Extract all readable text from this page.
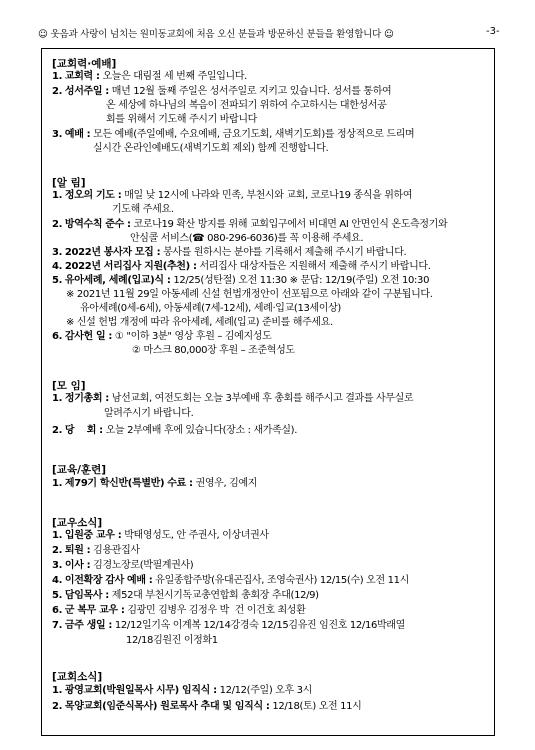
☺ 웃음과 사랑이 넘치는 원미동교회에 처음 오신 분들과 방문하신 분들을 환영합니다 ☺	-3-
[교회력·예배]
1. 교회력 : 오늘은 대림절 세 번째 주일입니다.
2. 성서주일 : 매년 12월 둘째 주일은 성서주일로 지키고 있습니다. 성서를 통하여
온 세상에 하나님의 복음이 전파되기 위하여 수고하시는 대한성서공
회를 위해서 기도해 주시기 바랍니다
3. 예배 : 모든 예배(주일예배, 수요예배, 금요기도회, 새벽기도회)를 정상적으로 드리며
실시간 온라인예배도(새벽기도회 제외) 함께 진행합니다.
[알 림]
1. 정오의 기도 : 매일 낮 12시에 나라와 민족, 부천시와 교회, 코로나19 종식을 위하여
기도해 주세요.
2. 방역수칙 준수 : 코로나19 확산 방지를 위해 교회입구에서 비대면 AI 안면인식 온도측정기와
안심콜 서비스(☎ 080-296-6036)를 꼭 이용해 주세요.
3. 2022년 봉사자 모집 : 봉사를 원하시는 분야를 기록해서 제출해 주시기 바랍니다.
4. 2022년 서리집사 지원(추천) : 서리집사 대상자들은 지원해서 제출해 주시기 바랍니다.
5. 유아세례, 세례(입교)식 : 12/25(성탄절) 오전 11:30 ※ 문답: 12/19(주일) 오전 10:30
※ 2021년 11월 29일 아동세례 신설 헌법개정안이 선포됨으로 아래와 같이 구분됩니다.
유아세례(0세-6세), 아동세례(7세-12세), 세례·입교(13세이상)
※ 신설 헌법 개정에 따라 유아세례, 세례(입교) 준비를 해주세요.
6. 감사헌 일 : ① "이하 3분" 영상 후원 – 김예지성도
② 마스크 80,000장 후원 – 조준혁성도
[모 임]
1. 정기총회 : 남선교회, 여전도회는 오늘 3부예배 후 총회를 해주시고 결과를 사무실로
알려주시기 바랍니다.
2. 당    회 : 오늘 2부예배 후에 있습니다(장소 : 새가족실).
[교육/훈련]
1. 제79기 학신반(특별반) 수료 : 권영우, 김예지
[교우소식]
1. 입원중 교우 : 박태영성도, 안 주권사, 이상녀권사
2. 퇴원 : 김용관집사
3. 이사 : 김경노장로(박필계권사)
4. 이전확장 감사 예배 : 유일종합주방(유대곤집사, 조영숙권사) 12/15(수) 오전 11시
5. 담임목사 : 제52대 부천시기독교총연합회 총회장 추대(12/9)
6. 군 복무 교우 : 김광민 김병우 김정우 박  건 이건호 최성환
7. 금주 생일 : 12/12일기옥 이계복 12/14강경숙 12/15김유진 임진호 12/16박래열
12/18김원진 이정화1
[교회소식]
1. 광영교회(박원일목사 시무) 임직식 : 12/12(주일) 오후 3시
2. 목양교회(임준식목사) 원로목사 추대 및 임직식 : 12/18(토) 오전 11시
